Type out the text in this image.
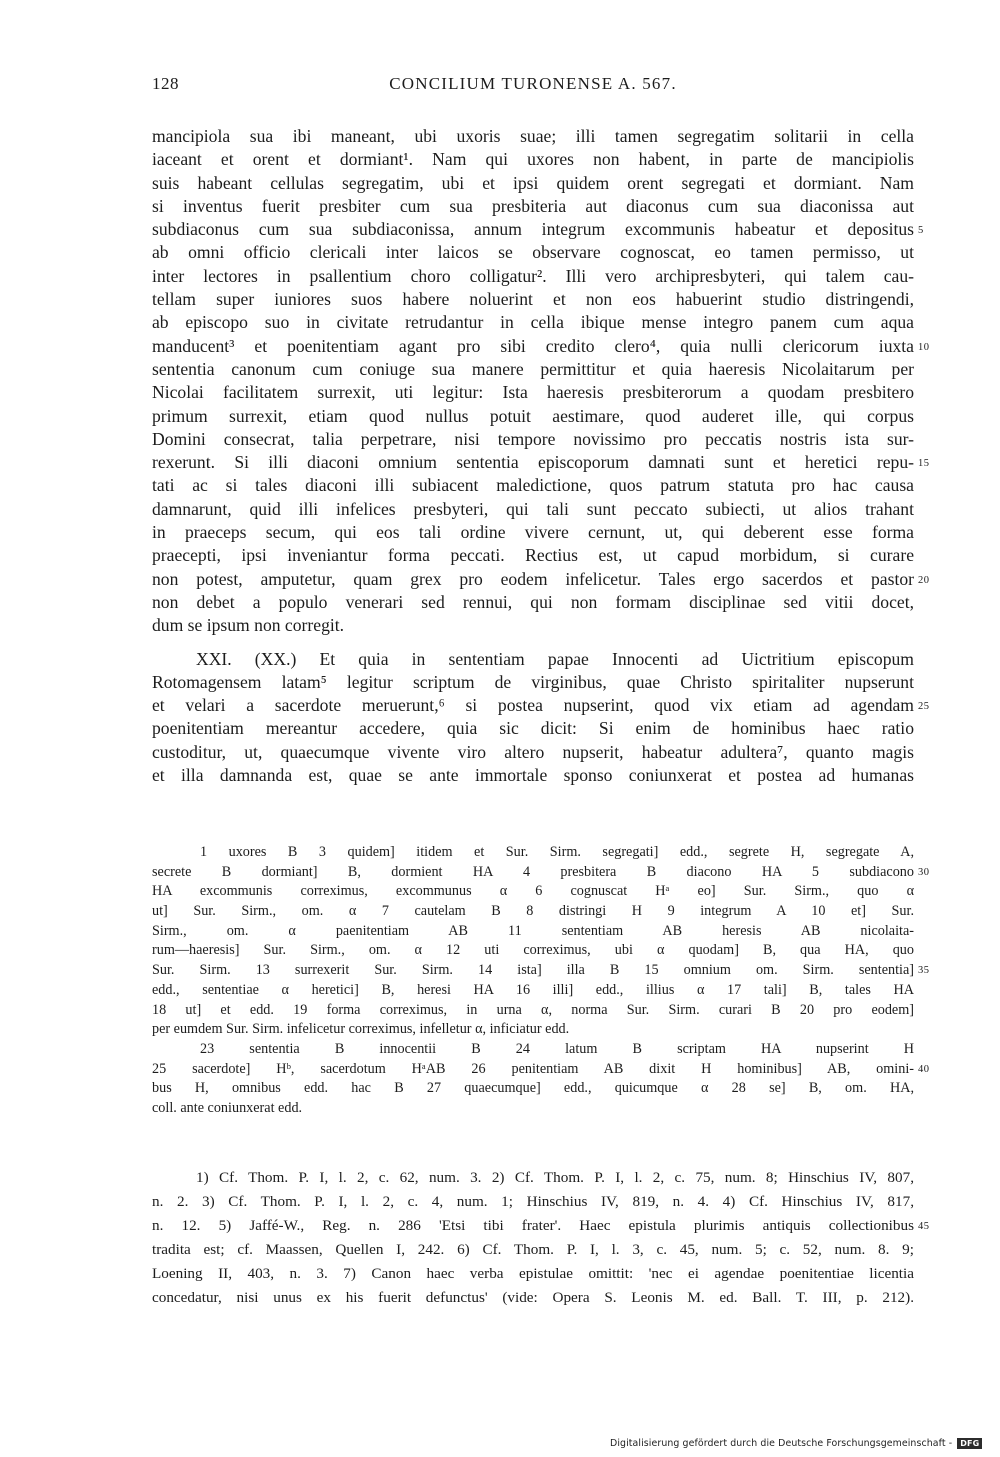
128	CONCILIUM TURONENSE A. 567.
mancipiola sua ibi maneant, ubi uxoris suae; illi tamen segregatim solitarii in cella
iaceant et orent et dormiant¹. Nam qui uxores non habent, in parte de mancipiolis
suis habeant cellulas segregatim, ubi et ipsi quidem orent segregati et dormiant. Nam
si inventus fuerit presbiter cum sua presbiteria aut diaconus cum sua diaconissa aut
subdiaconus cum sua subdiaconissa, annum integrum excommunis habeatur et depositus 5
ab omni officio clericali inter laicos se observare cognoscat, eo tamen permisso, ut
inter lectores in psallentium choro colligatur². Illi vero archipresbyteri, qui talem cau-
tellam super iuniores suos habere noluerint et non eos habuerint studio distringendi,
ab episcopo suo in civitate retrudantur in cella ibique mense integro panem cum aqua
manducent³ et poenitentiam agant pro sibi credito clero⁴, quia nulli clericorum iuxta 10
sententia canonum cum coniuge sua manere permittitur et quia haeresis Nicolaitarum per
Nicolai facilitatem surrexit, uti legitur: Ista haeresis presbiterorum a quodam presbitero
primum surrexit, etiam quod nullus potuit aestimare, quod auderet ille, qui corpus
Domini consecrat, talia perpetrare, nisi tempore novissimo pro peccatis nostris ista sur-
rexerunt. Si illi diaconi omnium sententia episcoporum damnati sunt et heretici repu- 15
tati ac si tales diaconi illi subiacent maledictione, quos patrum statuta pro hac causa
damnarunt, quid illi infelices presbyteri, qui tali sunt peccato subiecti, ut alios trahant
in praeceps secum, qui eos tali ordine vivere cernunt, ut, qui deberent esse forma
praecepti, ipsi inveniantur forma peccati. Rectius est, ut capud morbidum, si curare
non potest, amputetur, quam grex pro eodem infelicetur. Tales ergo sacerdos et pastor 20
non debet a populo venerari sed rennui, qui non formam disciplinae sed vitii docet,
dum se ipsum non corregit.
XXI. (XX.) Et quia in sententiam papae Innocenti ad Uictritium episcopum
Rotomagensem latam⁵ legitur scriptum de virginibus, quae Christo spiritaliter nupserunt
et velari a sacerdote meruerunt,⁶ si postea nupserint, quod vix etiam ad agendam 25
poenitentiam mereantur accedere, quia sic dicit: Si enim de hominibus haec ratio
custoditur, ut, quaecumque vivente viro altero nupserit, habeatur adultera⁷, quanto magis
et illa damnanda est, quae se ante immortale sponso coniunxerat et postea ad humanas
1 uxores B 3 quidem] itidem et Sur. Sirm. segregati] edd., segrete H, segregate A,
secrete B dormiant] B, dormient HA 4 presbitera B diacono HA 5 subdiacono 30
HA excommunis correximus, excommunus α 6 cognuscat Hᵃ eo] Sur. Sirm., quo α
ut] Sur. Sirm., om. α 7 cautelam B 8 distringi H 9 integrum A 10 et] Sur.
Sirm., om. α paenitentiam AB 11 sententiam AB heresis AB nicolaita-
rum—haeresis] Sur. Sirm., om. α 12 uti correximus, ubi α quodam] B, qua HA, quo
Sur. Sirm. 13 surrexerit Sur. Sirm. 14 ista] illa B 15 omnium om. Sirm. sententia] 35
edd., sententiae α heretici] B, heresi HA 16 illi] edd., illius α 17 tali] B, tales HA
18 ut] et edd. 19 forma correximus, in urna α, norma Sur. Sirm. curari B 20 pro eodem]
per eumdem Sur. Sirm. infelicetur correximus, infelletur α, inficiatur edd.
23 sententia B innocentii B 24 latum B scriptam HA nupserint H
25 sacerdote] Hᵇ, sacerdotum HᵃAB 26 penitentiam AB dixit H hominibus] AB, omini- 40
bus H, omnibus edd. hac B 27 quaecumque] edd., quicumque α 28 se] B, om. HA,
coll. ante coniunxerat edd.
1) Cf. Thom. P. I, l. 2, c. 62, num. 3. 2) Cf. Thom. P. I, l. 2, c. 75, num. 8; Hinschius IV, 807,
n. 2. 3) Cf. Thom. P. I, l. 2, c. 4, num. 1; Hinschius IV, 819, n. 4. 4) Cf. Hinschius IV, 817,
n. 12. 5) Jaffé-W., Reg. n. 286 'Etsi tibi frater'. Haec epistula plurimis antiquis collectionibus 45
tradita est; cf. Maassen, Quellen I, 242. 6) Cf. Thom. P. I, l. 3, c. 45, num. 5; c. 52, num. 8. 9;
Loening II, 403, n. 3. 7) Canon haec verba epistulae omittit: 'nec ei agendae poenitentiae licentia
concedatur, nisi unus ex his fuerit defunctus' (vide: Opera S. Leonis M. ed. Ball. T. III, p. 212).
Digitalisierung gefördert durch die Deutsche Forschungsgemeinschaft - DFG
